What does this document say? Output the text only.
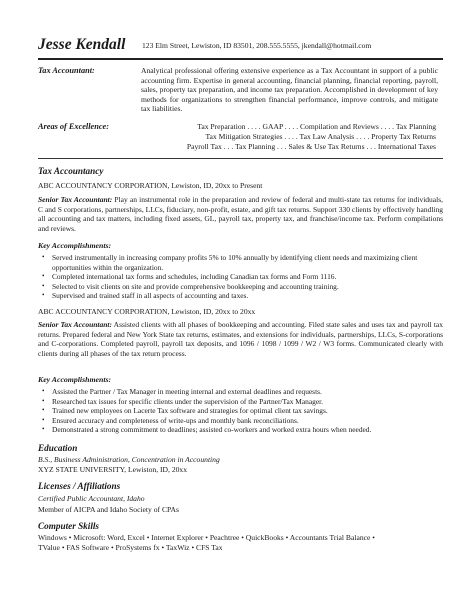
Jesse Kendall 123 Elm Street, Lewiston, ID 83501, 208.555.5555, jkendall@hotmail.com
Tax Accountant:	Analytical professional offering extensive experience as a Tax Accountant in support of a public accounting firm. Expertise in general accounting, financial planning, financial reporting, payroll, sales, property tax preparation, and income tax preparation. Accomplished in development of key methods for organizations to strengthen financial performance, improve controls, and mitigate tax liabilities.
Areas of Excellence:	Tax Preparation . . . . GAAP . . . . Compilation and Reviews . . . . Tax Planning
Tax Mitigation Strategies . . . . Tax Law Analysis . . . . Property Tax Returns
Payroll Tax . . . Tax Planning . . . Sales & Use Tax Returns . . . International Taxes
Tax Accountancy
ABC ACCOUNTANCY CORPORATION, Lewiston, ID, 20xx to Present
Senior Tax Accountant: Play an instrumental role in the preparation and review of federal and multi-state tax returns for individuals, C and S corporations, partnerships, LLCs, fiduciary, non-profit, estate, and gift tax returns. Support 330 clients by effectively handling all accounting and tax matters, including fixed assets, GL, payroll tax, property tax, and franchise/income tax. Perform compilations and reviews.
Key Accomplishments:
• Served instrumentally in increasing company profits 5% to 10% annually by identifying client needs and maximizing client opportunities within the organization.
• Completed international tax forms and schedules, including Canadian tax forms and Form 1116.
• Selected to visit clients on site and provide comprehensive bookkeeping and accounting training.
• Supervised and trained staff in all aspects of accounting and taxes.
ABC ACCOUNTANCY CORPORATION, Lewiston, ID, 20xx to 20xx
Senior Tax Accountant: Assisted clients with all phases of bookkeeping and accounting. Filed state sales and uses tax and payroll tax returns. Prepared federal and New York State tax returns, estimates, and extensions for individuals, partnerships, LLCs, S-corporations and C-corporations. Completed payroll, payroll tax deposits, and 1096 / 1098 / 1099 / W2 / W3 forms. Communicated clearly with clients during all phases of the tax return process.
Key Accomplishments:
• Assisted the Partner / Tax Manager in meeting internal and external deadlines and requests.
• Researched tax issues for specific clients under the supervision of the Partner/Tax Manager.
• Trained new employees on Lacerte Tax software and strategies for optimal client tax savings.
• Ensured accuracy and completeness of write-ups and monthly bank reconciliations.
• Demonstrated a strong commitment to deadlines; assisted co-workers and worked extra hours when needed.
Education
B.S., Business Administration, Concentration in Accounting
XYZ STATE UNIVERSITY, Lewiston, ID, 20xx
Licenses / Affiliations
Certified Public Accountant, Idaho
Member of AICPA and Idaho Society of CPAs
Computer Skills
Windows • Microsoft: Word, Excel • Internet Explorer • Peachtree • QuickBooks • Accountants Trial Balance •
TValue • FAS Software • ProSystems fx • TaxWiz • CFS Tax
